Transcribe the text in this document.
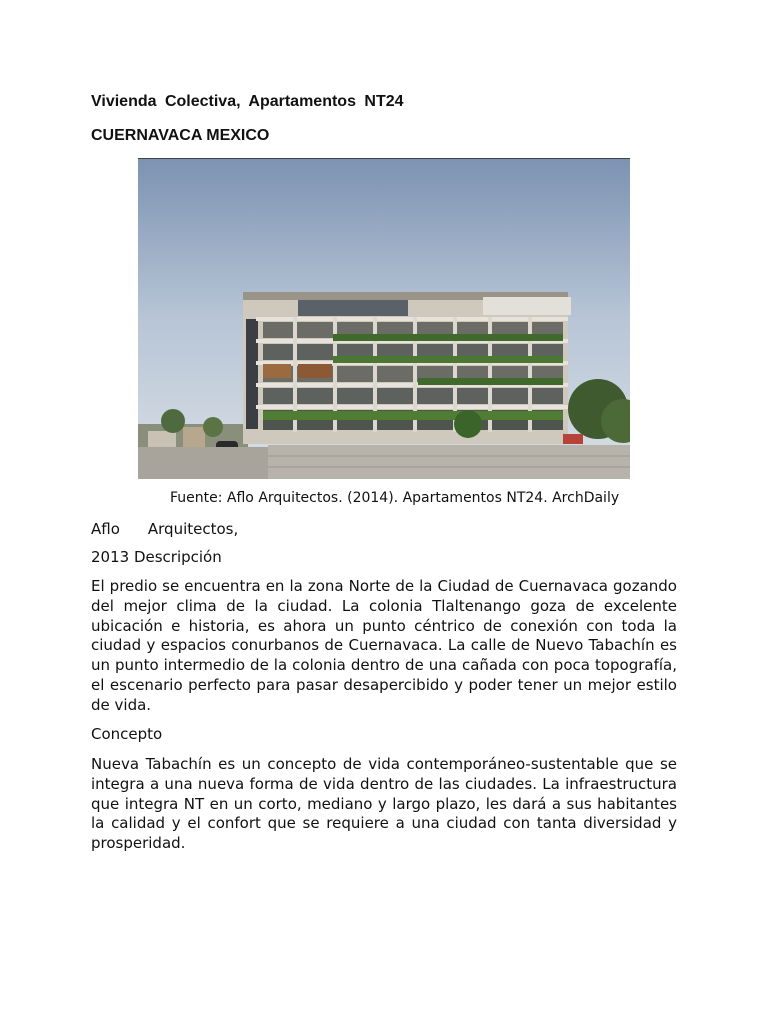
Vivienda Colectiva, Apartamentos NT24
CUERNAVACA MEXICO

Fuente: Aflo Arquitectos. (2014). Apartamentos NT24. ArchDaily

Aflo Arquitectos,

2013 Descripción

El predio se encuentra en la zona Norte de la Ciudad de Cuernavaca gozando del mejor clima de la ciudad. La colonia Tlaltenango goza de excelente ubicación e historia, es ahora un punto céntrico de conexión con toda la ciudad y espacios conurbanos de Cuernavaca. La calle de Nuevo Tabachín es un punto intermedio de la colonia dentro de una cañada con poca topografía, el escenario perfecto para pasar desapercibido y poder tener un mejor estilo de vida.

Concepto

Nueva Tabachín es un concepto de vida contemporáneo-sustentable que se integra a una nueva forma de vida dentro de las ciudades. La infraestructura que integra NT en un corto, mediano y largo plazo, les dará a sus habitantes la calidad y el confort que se requiere a una ciudad con tanta diversidad y prosperidad.
